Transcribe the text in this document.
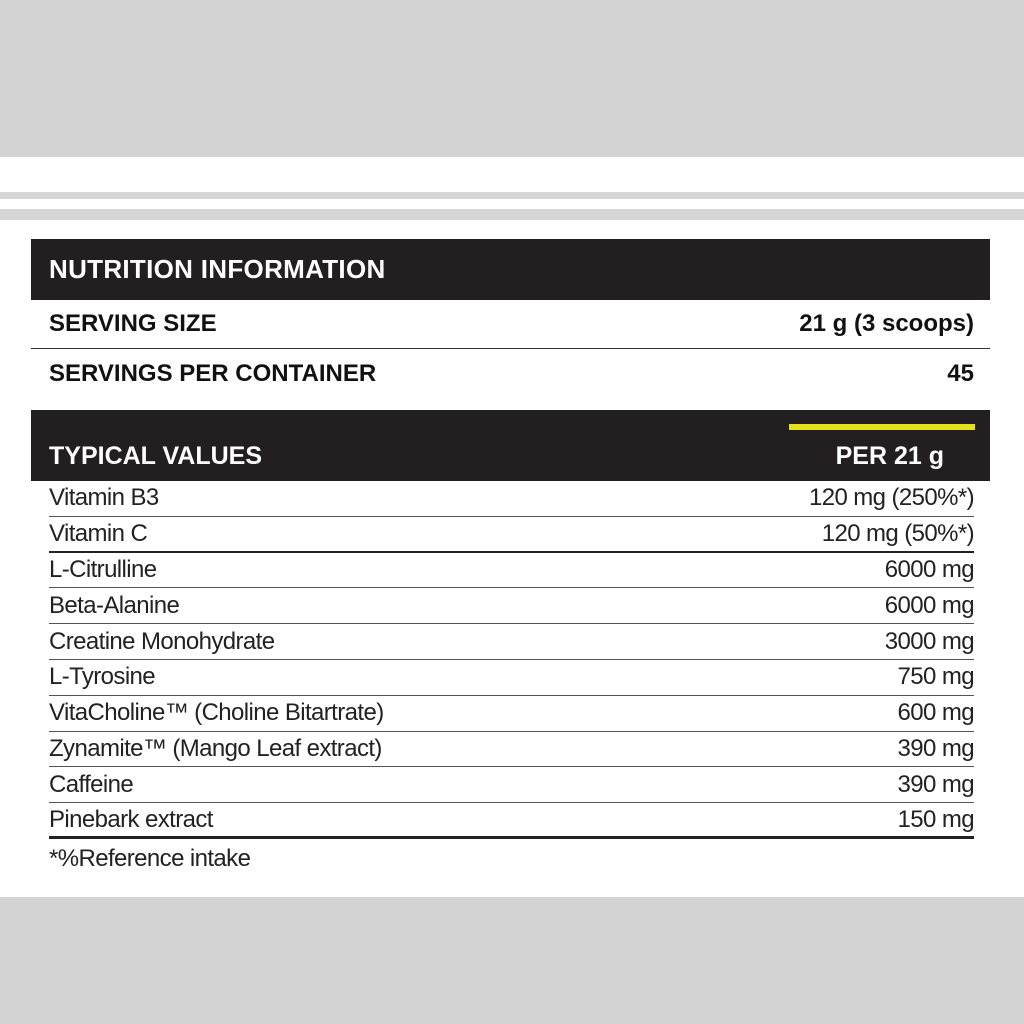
NUTRITION INFORMATION
SERVING SIZE	21 g (3 scoops)
SERVINGS PER CONTAINER	45
TYPICAL VALUES	PER 21 g
Vitamin B3	120 mg (250%*)
Vitamin C	120 mg (50%*)
L-Citrulline	6000 mg
Beta-Alanine	6000 mg
Creatine Monohydrate	3000 mg
L-Tyrosine	750 mg
VitaCholine™ (Choline Bitartrate)	600 mg
Zynamite™ (Mango Leaf extract)	390 mg
Caffeine	390 mg
Pinebark extract	150 mg
*%Reference intake
